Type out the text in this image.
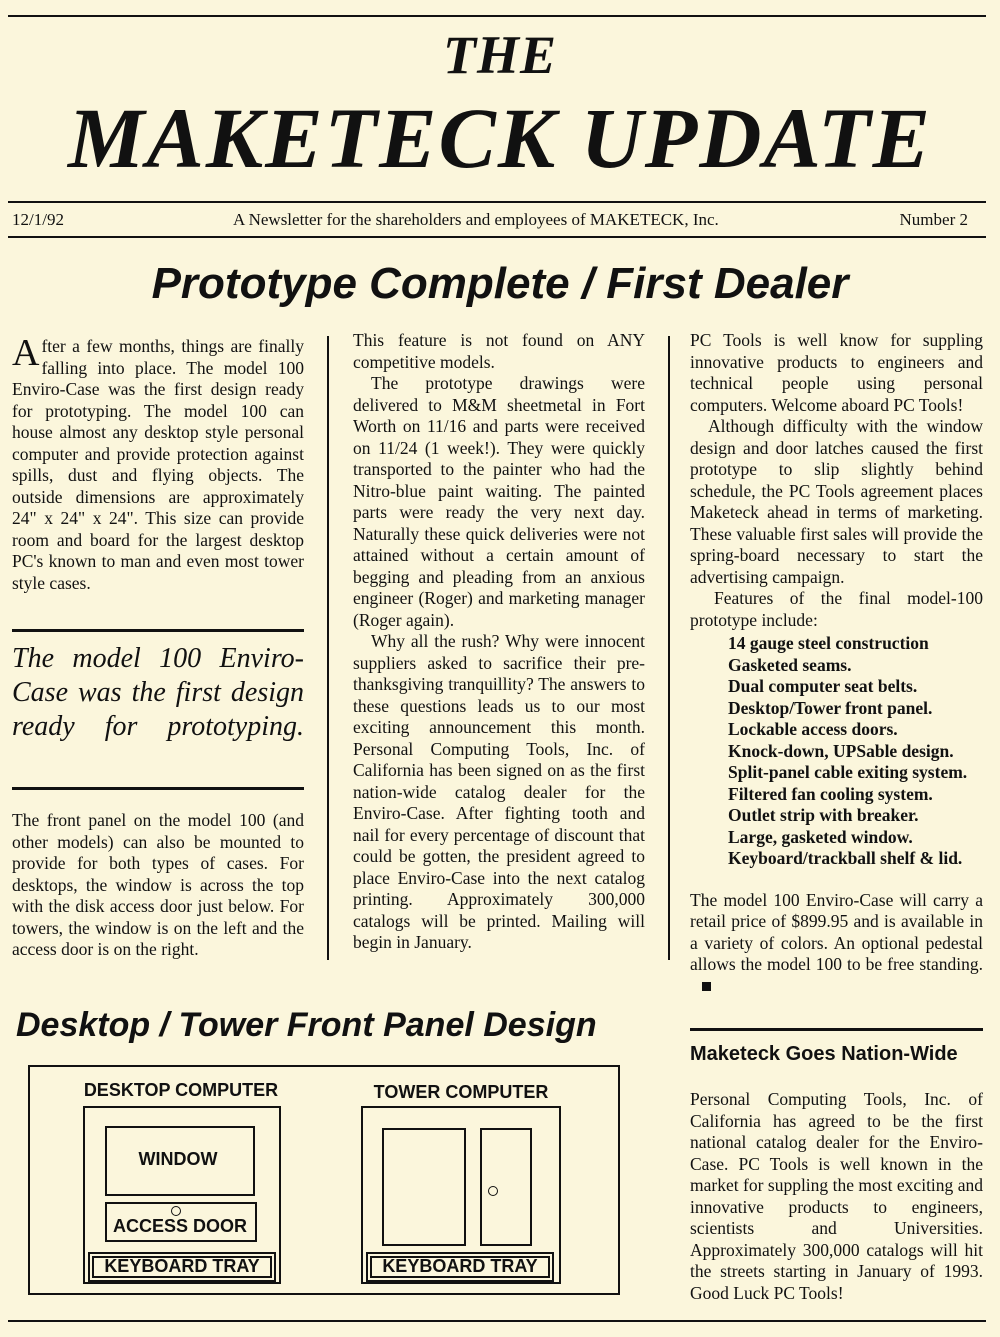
THE
MAKETECK UPDATE
12/1/92	A Newsletter for the shareholders and employees of MAKETECK, Inc.	Number 2
Prototype Complete / First Dealer

After a few months, things are finally falling into place. The model 100 Enviro-Case was the first design ready for prototyping. The model 100 can house almost any desktop style personal computer and provide protection against spills, dust and flying objects. The outside dimensions are approximately 24" x 24" x 24". This size can provide room and board for the largest desktop PC's known to man and even most tower style cases.

The model 100 Enviro-Case was the first design ready for prototyping.

The front panel on the model 100 (and other models) can also be mounted to provide for both types of cases. For desktops, the window is across the top with the disk access door just below. For towers, the window is on the left and the access door is on the right.

This feature is not found on ANY competitive models.

The prototype drawings were delivered to M&M sheetmetal in Fort Worth on 11/16 and parts were received on 11/24 (1 week!). They were quickly transported to the painter who had the Nitro-blue paint waiting. The painted parts were ready the very next day. Naturally these quick deliveries were not attained without a certain amount of begging and pleading from an anxious engineer (Roger) and marketing manager (Roger again).

Why all the rush? Why were innocent suppliers asked to sacrifice their pre-thanksgiving tranquillity? The answers to these questions leads us to our most exciting announcement this month. Personal Computing Tools, Inc. of California has been signed on as the first nation-wide catalog dealer for the Enviro-Case. After fighting tooth and nail for every percentage of discount that could be gotten, the president agreed to place Enviro-Case into the next catalog printing. Approximately 300,000 catalogs will be printed. Mailing will begin in January.

PC Tools is well know for suppling innovative products to engineers and technical people using personal computers. Welcome aboard PC Tools!

Although difficulty with the window design and door latches caused the first prototype to slip slightly behind schedule, the PC Tools agreement places Maketeck ahead in terms of marketing. These valuable first sales will provide the spring-board necessary to start the advertising campaign.

Features of the final model-100 prototype include:

14 gauge steel construction
Gasketed seams.
Dual computer seat belts.
Desktop/Tower front panel.
Lockable access doors.
Knock-down, UPSable design.
Split-panel cable exiting system.
Filtered fan cooling system.
Outlet strip with breaker.
Large, gasketed window.
Keyboard/trackball shelf & lid.

The model 100 Enviro-Case will carry a retail price of $899.95 and is available in a variety of colors. An optional pedestal allows the model 100 to be free standing.

Maketeck Goes Nation-Wide

Personal Computing Tools, Inc. of California has agreed to be the first national catalog dealer for the Enviro-Case. PC Tools is well known in the market for suppling the most exciting and innovative products to engineers, scientists and Universities. Approximately 300,000 catalogs will hit the streets starting in January of 1993. Good Luck PC Tools!

Desktop / Tower Front Panel Design
DESKTOP COMPUTER
WINDOW
ACCESS DOOR
KEYBOARD TRAY
TOWER COMPUTER
KEYBOARD TRAY
